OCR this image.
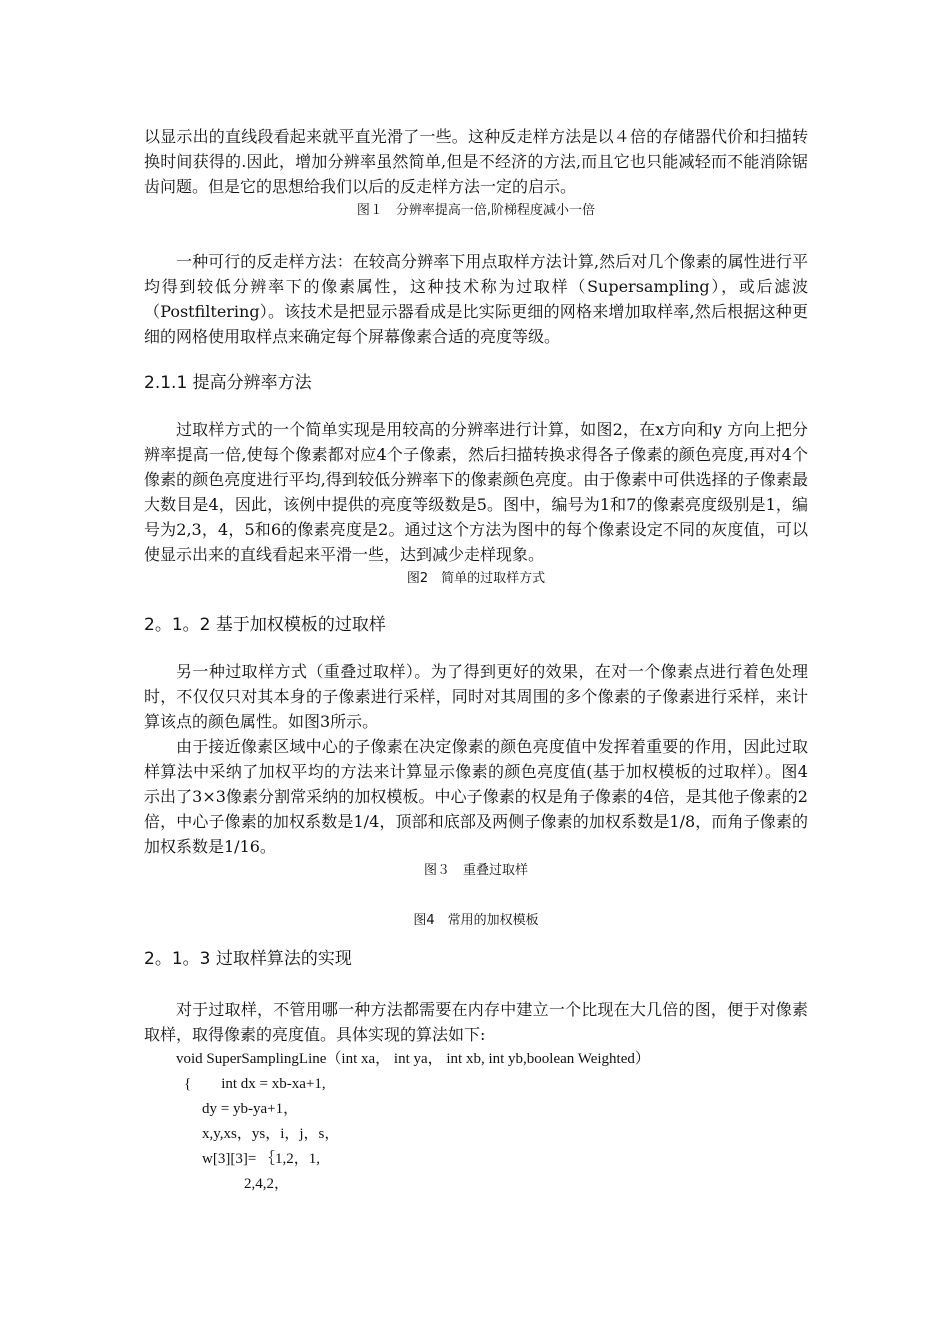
以显示出的直线段看起来就平直光滑了一些。这种反走样方法是以４倍的存储器代价和扫描转换时间获得的.因此，增加分辨率虽然简单,但是不经济的方法,而且它也只能减轻而不能消除锯齿问题。但是它的思想给我们以后的反走样方法一定的启示。

图１　分辨率提高一倍,阶梯程度减小一倍

一种可行的反走样方法：在较高分辨率下用点取样方法计算,然后对几个像素的属性进行平均得到较低分辨率下的像素属性，这种技术称为过取样（Supersampling），或后滤波（Postfiltering）。该技术是把显示器看成是比实际更细的网格来增加取样率,然后根据这种更细的网格使用取样点来确定每个屏幕像素合适的亮度等级。

2.1.1 提高分辨率方法

过取样方式的一个简单实现是用较高的分辨率进行计算，如图2，在x方向和y 方向上把分辨率提高一倍,使每个像素都对应4个子像素，然后扫描转换求得各子像素的颜色亮度,再对4个像素的颜色亮度进行平均,得到较低分辨率下的像素颜色亮度。由于像素中可供选择的子像素最大数目是4，因此，该例中提供的亮度等级数是5。图中，编号为1和7的像素亮度级别是1，编号为2,3，4，5和6的像素亮度是2。通过这个方法为图中的每个像素设定不同的灰度值，可以使显示出来的直线看起来平滑一些，达到减少走样现象。

图2　简单的过取样方式
2。1。2 基于加权模板的过取样

另一种过取样方式（重叠过取样）。为了得到更好的效果，在对一个像素点进行着色处理时，不仅仅只对其本身的子像素进行采样，同时对其周围的多个像素的子像素进行采样，来计算该点的颜色属性。如图3所示。

由于接近像素区域中心的子像素在决定像素的颜色亮度值中发挥着重要的作用，因此过取样算法中采纳了加权平均的方法来计算显示像素的颜色亮度值(基于加权模板的过取样）。图4示出了3×3像素分割常采纳的加权模板。中心子像素的权是角子像素的4倍，是其他子像素的2倍，中心子像素的加权系数是1/4，顶部和底部及两侧子像素的加权系数是1/8，而角子像素的加权系数是1/16。

图３　重叠过取样
图4　常用的加权模板
2。1。3 过取样算法的实现

对于过取样，不管用哪一种方法都需要在内存中建立一个比现在大几倍的图，便于对像素取样，取得像素的亮度值。具体实现的算法如下:

void SuperSamplingLine（int xa， int ya， int xb, int yb,boolean Weighted）
{        int dx = xb-xa+1,
dy = yb-ya+1，
x,y,xs，ys，i，j，s，
w[3][3]= ｛1,2，1,
2,4,2，
